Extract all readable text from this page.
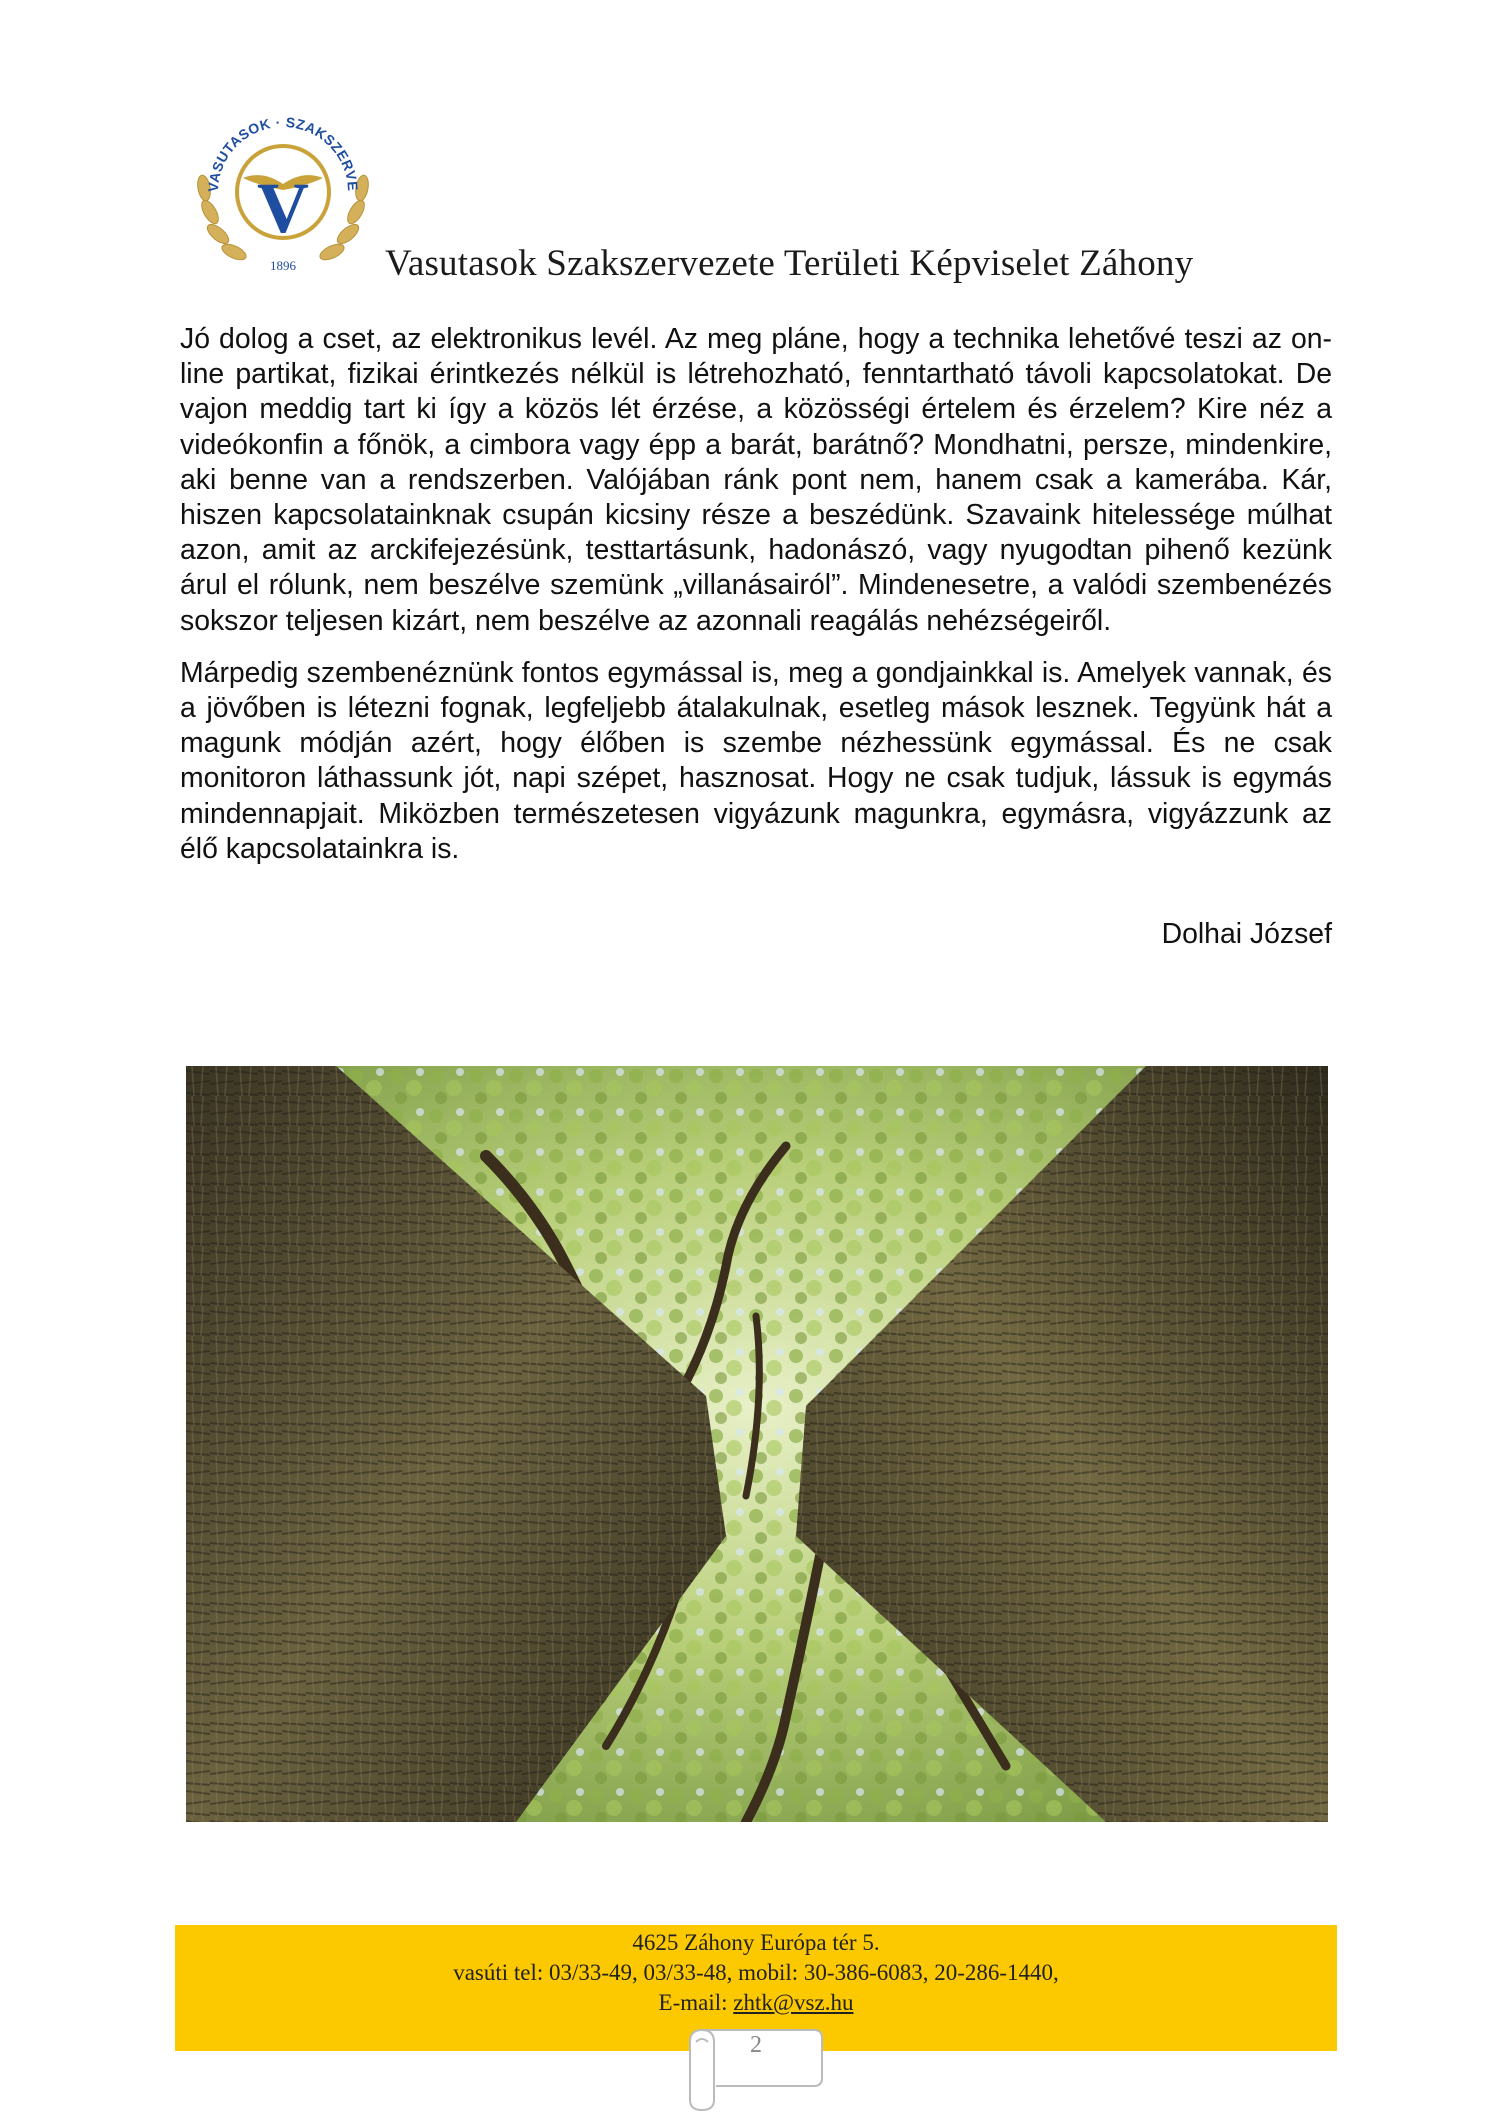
VASUTASOK · SZAKSZERVE
V
1896 Vasutasok Szakszervezete Területi Képviselet Záhony

Jó dolog a cset, az elektronikus levél. Az meg pláne, hogy a technika lehetővé teszi az on-line partikat, fizikai érintkezés nélkül is létrehozható, fenntartható távoli kapcsolatokat. De vajon meddig tart ki így a közös lét érzése, a közösségi értelem és érzelem? Kire néz a videókonfin a főnök, a cimbora vagy épp a barát, barátnő? Mondhatni, persze, mindenkire, aki benne van a rendszerben. Valójában ránk pont nem, hanem csak a kamerába. Kár, hiszen kapcsolatainknak csupán kicsiny része a beszédünk. Szavaink hitelessége múlhat azon, amit az arckifejezésünk, testtartásunk, hadonászó, vagy nyugodtan pihenő kezünk árul el rólunk, nem beszélve szemünk „villanásairól”. Mindenesetre, a valódi szembenézés sokszor teljesen kizárt, nem beszélve az azonnali reagálás nehézségeiről.

Márpedig szembenéznünk fontos egymással is, meg a gondjainkkal is. Amelyek vannak, és a jövőben is létezni fognak, legfeljebb átalakulnak, esetleg mások lesznek. Tegyünk hát a magunk módján azért, hogy élőben is szembe nézhessünk egymással. És ne csak monitoron láthassunk jót, napi szépet, hasznosat. Hogy ne csak tudjuk, lássuk is egymás mindennapjait. Miközben természetesen vigyázunk magunkra, egymásra, vigyázzunk az élő kapcsolatainkra is.

Dolhai József
4625 Záhony Európa tér 5.
vasúti tel: 03/33-49, 03/33-48, mobil: 30-386-6083, 20-286-1440,
E-mail: zhtk@vsz.hu
2
